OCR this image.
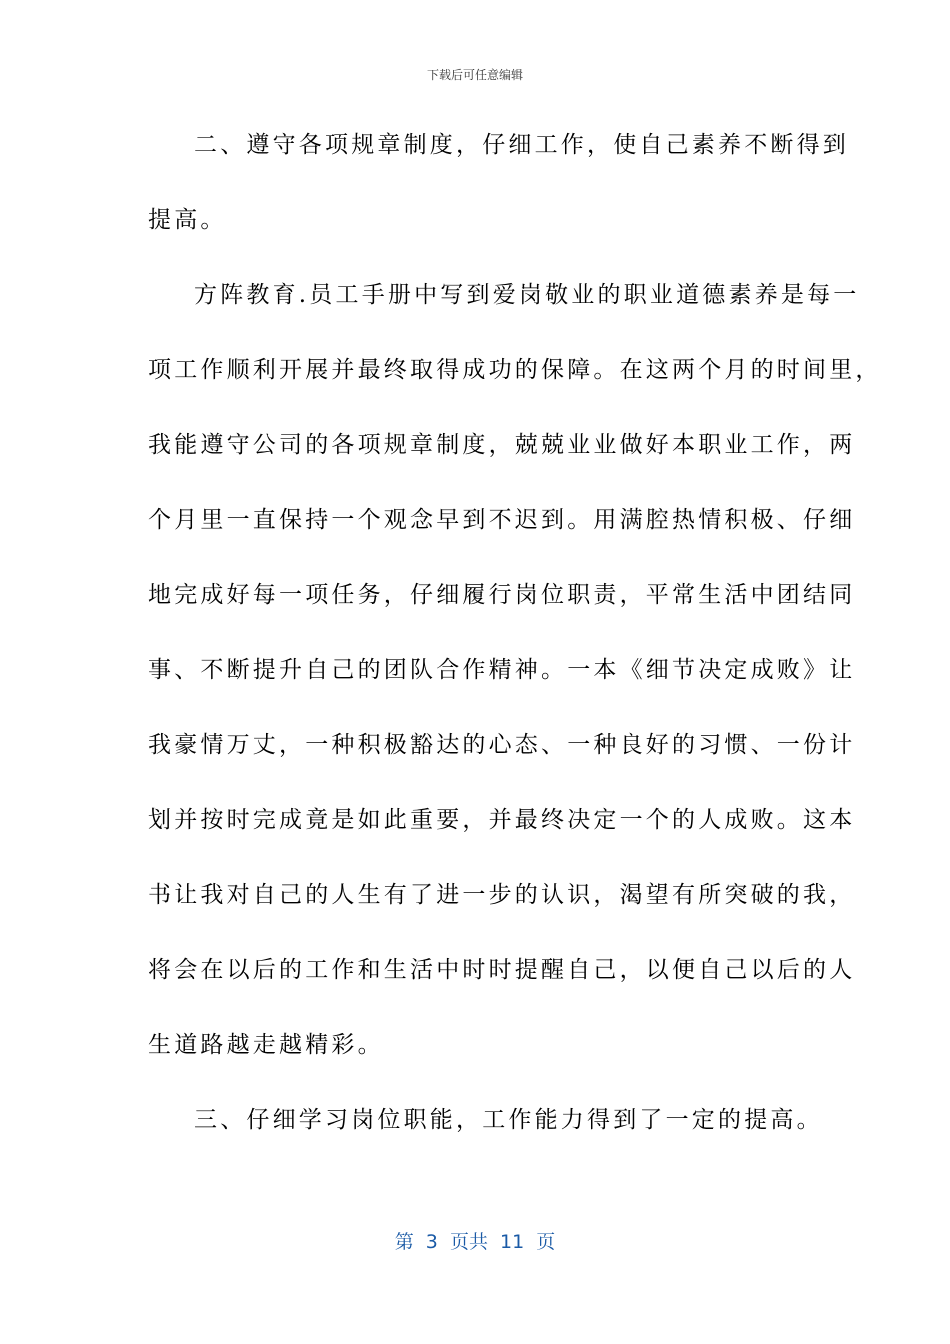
下载后可任意编辑
二、遵守各项规章制度，仔细工作，使自己素养不断得到
提高。
方阵教育.员工手册中写到爱岗敬业的职业道德素养是每一
项工作顺利开展并最终取得成功的保障。在这两个月的时间里，
我能遵守公司的各项规章制度，兢兢业业做好本职业工作，两
个月里一直保持一个观念早到不迟到。用满腔热情积极、仔细
地完成好每一项任务，仔细履行岗位职责，平常生活中团结同
事、不断提升自己的团队合作精神。一本《细节决定成败》让
我豪情万丈，一种积极豁达的心态、一种良好的习惯、一份计
划并按时完成竟是如此重要，并最终决定一个的人成败。这本
书让我对自己的人生有了进一步的认识，渴望有所突破的我，
将会在以后的工作和生活中时时提醒自己，以便自己以后的人
生道路越走越精彩。
三、仔细学习岗位职能，工作能力得到了一定的提高。
第  3  页共  11  页
